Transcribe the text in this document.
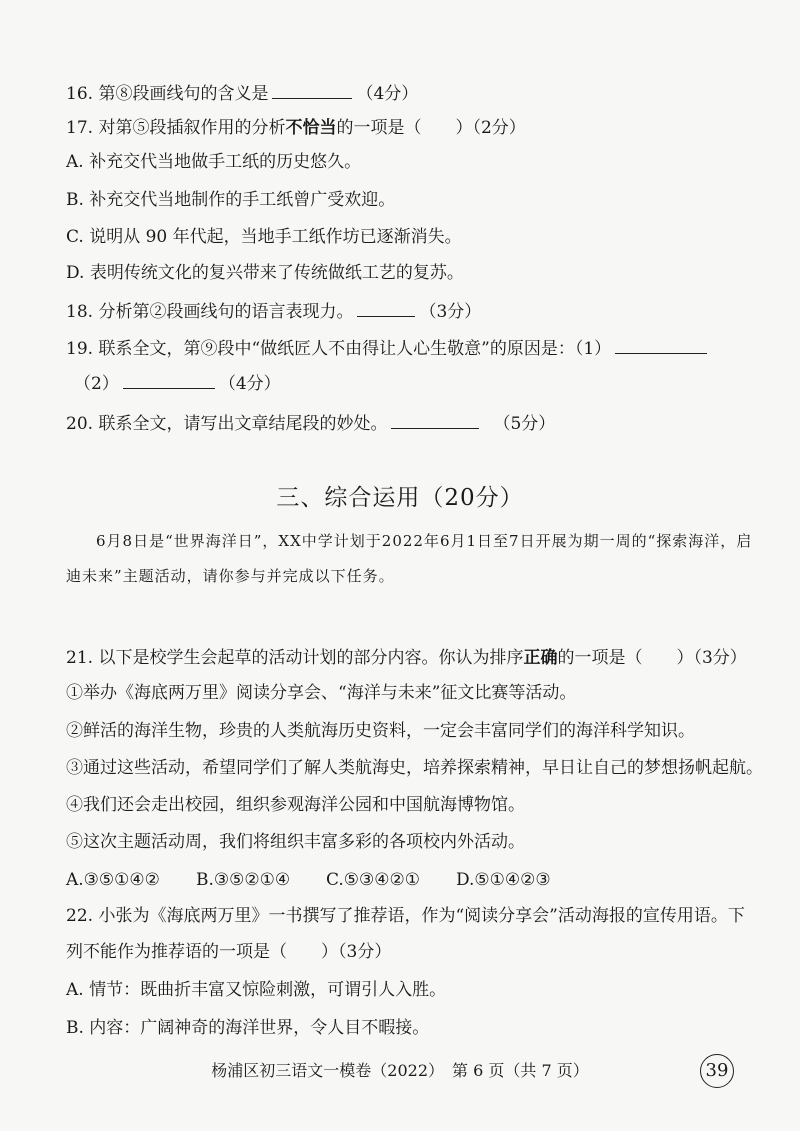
16. 第⑧段画线句的含义是	（4分）
17. 对第⑤段插叙作用的分析不恰当的一项是（　　）（2分）
A. 补充交代当地做手工纸的历史悠久。
B. 补充交代当地制作的手工纸曾广受欢迎。
C. 说明从 90 年代起，当地手工纸作坊已逐渐消失。
D. 表明传统文化的复兴带来了传统做纸工艺的复苏。
18. 分析第②段画线句的语言表现力。	（3分）
19. 联系全文，第⑨段中“做纸匠人不由得让人心生敬意”的原因是：（1）
（2）	（4分）
20. 联系全文，请写出文章结尾段的妙处。	（5分）
三、综合运用（20分）
6月8日是“世界海洋日”，XX中学计划于2022年6月1日至7日开展为期一周的“探索海洋，启
迪未来”主题活动，请你参与并完成以下任务。
21. 以下是校学生会起草的活动计划的部分内容。你认为排序正确的一项是（　　）（3分）
①举办《海底两万里》阅读分享会、“海洋与未来”征文比赛等活动。
②鲜活的海洋生物，珍贵的人类航海历史资料，一定会丰富同学们的海洋科学知识。
③通过这些活动，希望同学们了解人类航海史，培养探索精神，早日让自己的梦想扬帆起航。
④我们还会走出校园，组织参观海洋公园和中国航海博物馆。
⑤这次主题活动周，我们将组织丰富多彩的各项校内外活动。
A.③⑤①④② B.③⑤②①④ C.⑤③④②① D.⑤①④②③
22. 小张为《海底两万里》一书撰写了推荐语，作为“阅读分享会”活动海报的宣传用语。下
列不能作为推荐语的一项是（　　）（3分）
A. 情节：既曲折丰富又惊险刺激，可谓引人入胜。
B. 内容：广阔神奇的海洋世界，令人目不暇接。
杨浦区初三语文一模卷（2022）　第 6 页（共 7 页）	39
